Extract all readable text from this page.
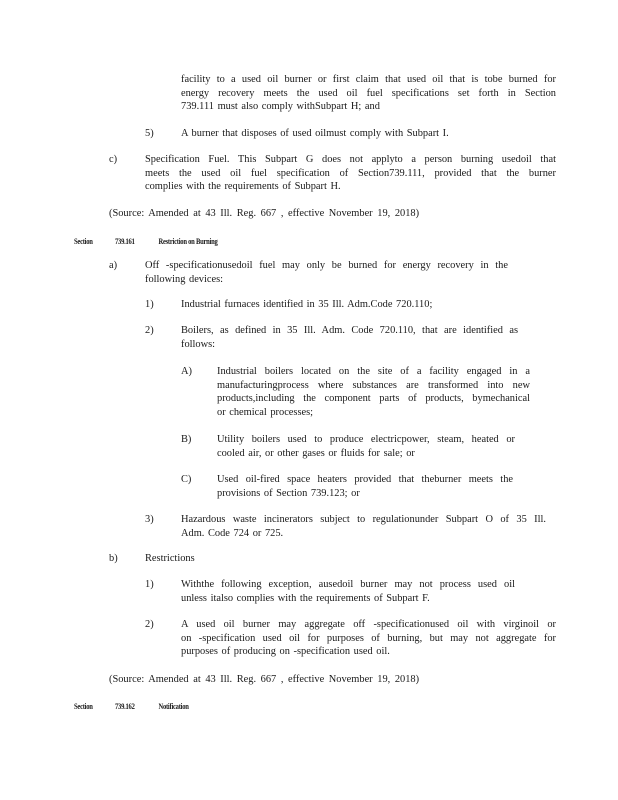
facility to a used oil burner or first claim that used oil that is tobe burned for
energy recovery meets the used oil fuel specifications set forth in Section
739.111 must also comply withSubpart H; and
5)	A burner that disposes of used oilmust comply with Subpart I.
c)	Specification Fuel. This Subpart G does not applyto a person burning usedoil that
meets the used oil fuel specification of Section739.111, provided that the burner
complies with the requirements of Subpart H.
(Source: Amended at 43 Ill. Reg. 667 , effective November 19, 2018)
Section	739.161	Restriction on Burning
a)	Off -specificationusedoil fuel may only be burned for energy recovery in the
following devices:
1)	Industrial furnaces identified in 35 Ill. Adm.Code 720.110;
2)	Boilers, as defined in 35 Ill. Adm. Code 720.110, that are identified as
follows:
A) Industrial boilers located on the site of a facility engaged in a
manufacturingprocess where substances are transformed into new
products,including the component parts of products, bymechanical
or chemical processes;
B) Utility boilers used to produce electricpower, steam, heated or
cooled air, or other gases or fluids for sale; or
C) Used oil-fired space heaters provided that theburner meets the
provisions of Section 739.123; or
3)	Hazardous waste incinerators subject to regulationunder Subpart O of 35 Ill.
Adm. Code 724 or 725.
b)	Restrictions
1)	Withthe following exception, ausedoil burner may not process used oil
unless italso complies with the requirements of Subpart F.
2)	A used oil burner may aggregate off -specificationused oil with virginoil or
on -specification used oil for purposes of burning, but may not aggregate for
purposes of producing on -specification used oil.
(Source: Amended at 43 Ill. Reg. 667 , effective November 19, 2018)
Section	739.162	Notification
